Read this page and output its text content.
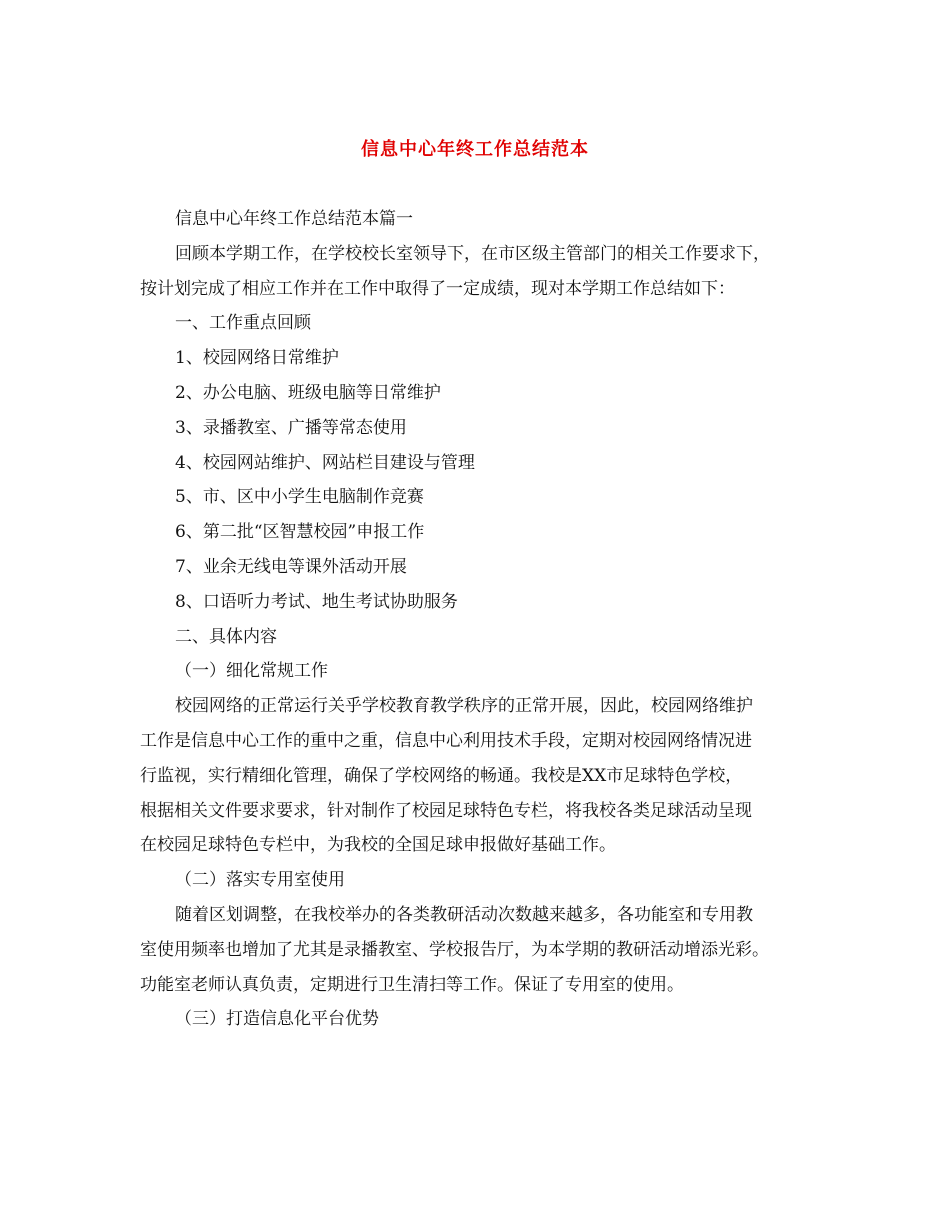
信息中心年终工作总结范本

信息中心年终工作总结范本篇一

回顾本学期工作，在学校校长室领导下，在市区级主管部门的相关工作要求下，

按计划完成了相应工作并在工作中取得了一定成绩，现对本学期工作总结如下：

一、工作重点回顾

1、校园网络日常维护

2、办公电脑、班级电脑等日常维护

3、录播教室、广播等常态使用

4、校园网站维护、网站栏目建设与管理

5、市、区中小学生电脑制作竞赛

6、第二批“区智慧校园”申报工作

7、业余无线电等课外活动开展

8、口语听力考试、地生考试协助服务

二、具体内容

（一）细化常规工作

校园网络的正常运行关乎学校教育教学秩序的正常开展，因此，校园网络维护

工作是信息中心工作的重中之重，信息中心利用技术手段，定期对校园网络情况进

行监视，实行精细化管理，确保了学校网络的畅通。我校是XX市足球特色学校，

根据相关文件要求要求，针对制作了校园足球特色专栏，将我校各类足球活动呈现

在校园足球特色专栏中，为我校的全国足球申报做好基础工作。

（二）落实专用室使用

随着区划调整，在我校举办的各类教研活动次数越来越多，各功能室和专用教

室使用频率也增加了尤其是录播教室、学校报告厅，为本学期的教研活动增添光彩。

功能室老师认真负责，定期进行卫生清扫等工作。保证了专用室的使用。

（三）打造信息化平台优势
